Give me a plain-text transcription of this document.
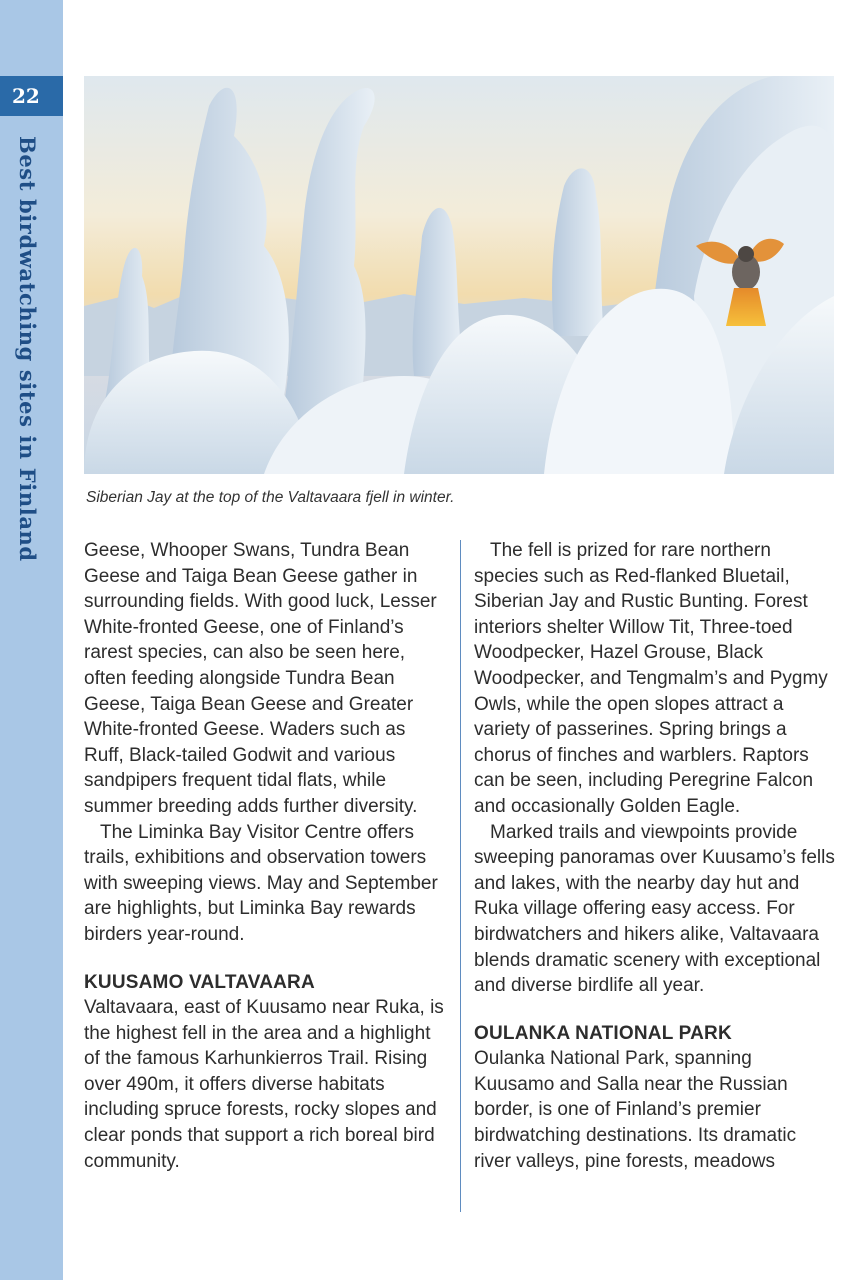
22
Best birdwatching sites in Finland	Siberian Jay at the top of the Valtavaara fjell in winter.

Geese, Whooper Swans, Tundra Bean Geese and Taiga Bean Geese gather in surrounding fields. With good luck, Lesser White-fronted Geese, one of Finland’s rarest species, can also be seen here, often feeding alongside Tundra Bean Geese, Taiga Bean Geese and Greater White-fronted Geese. Waders such as Ruff, Black-tailed Godwit and various sandpipers frequent tidal flats, while summer breeding adds further diversity.

The Liminka Bay Visitor Centre offers trails, exhibitions and observation towers with sweeping views. May and September are highlights, but Liminka Bay rewards birders year-round.

KUUSAMO VALTAVAARA

Valtavaara, east of Kuusamo near Ruka, is the highest fell in the area and a highlight of the famous Karhunkierros Trail. Rising over 490m, it offers diverse habitats including spruce forests, rocky slopes and clear ponds that support a rich boreal bird community.

The fell is prized for rare northern species such as Red-flanked Bluetail, Siberian Jay and Rustic Bunting. Forest interiors shelter Willow Tit, Three-toed Woodpecker, Hazel Grouse, Black Woodpecker, and Tengmalm’s and Pygmy Owls, while the open slopes attract a variety of passerines. Spring brings a chorus of finches and warblers. Raptors can be seen, including Peregrine Falcon and occasionally Golden Eagle.

Marked trails and viewpoints provide sweeping panoramas over Kuusamo’s fells and lakes, with the nearby day hut and Ruka village offering easy access. For birdwatchers and hikers alike, Valtavaara blends dramatic scenery with exceptional and diverse birdlife all year.

OULANKA NATIONAL PARK

Oulanka National Park, spanning Kuusamo and Salla near the Russian border, is one of Finland’s premier birdwatching destinations. Its dramatic river valleys, pine forests, meadows
